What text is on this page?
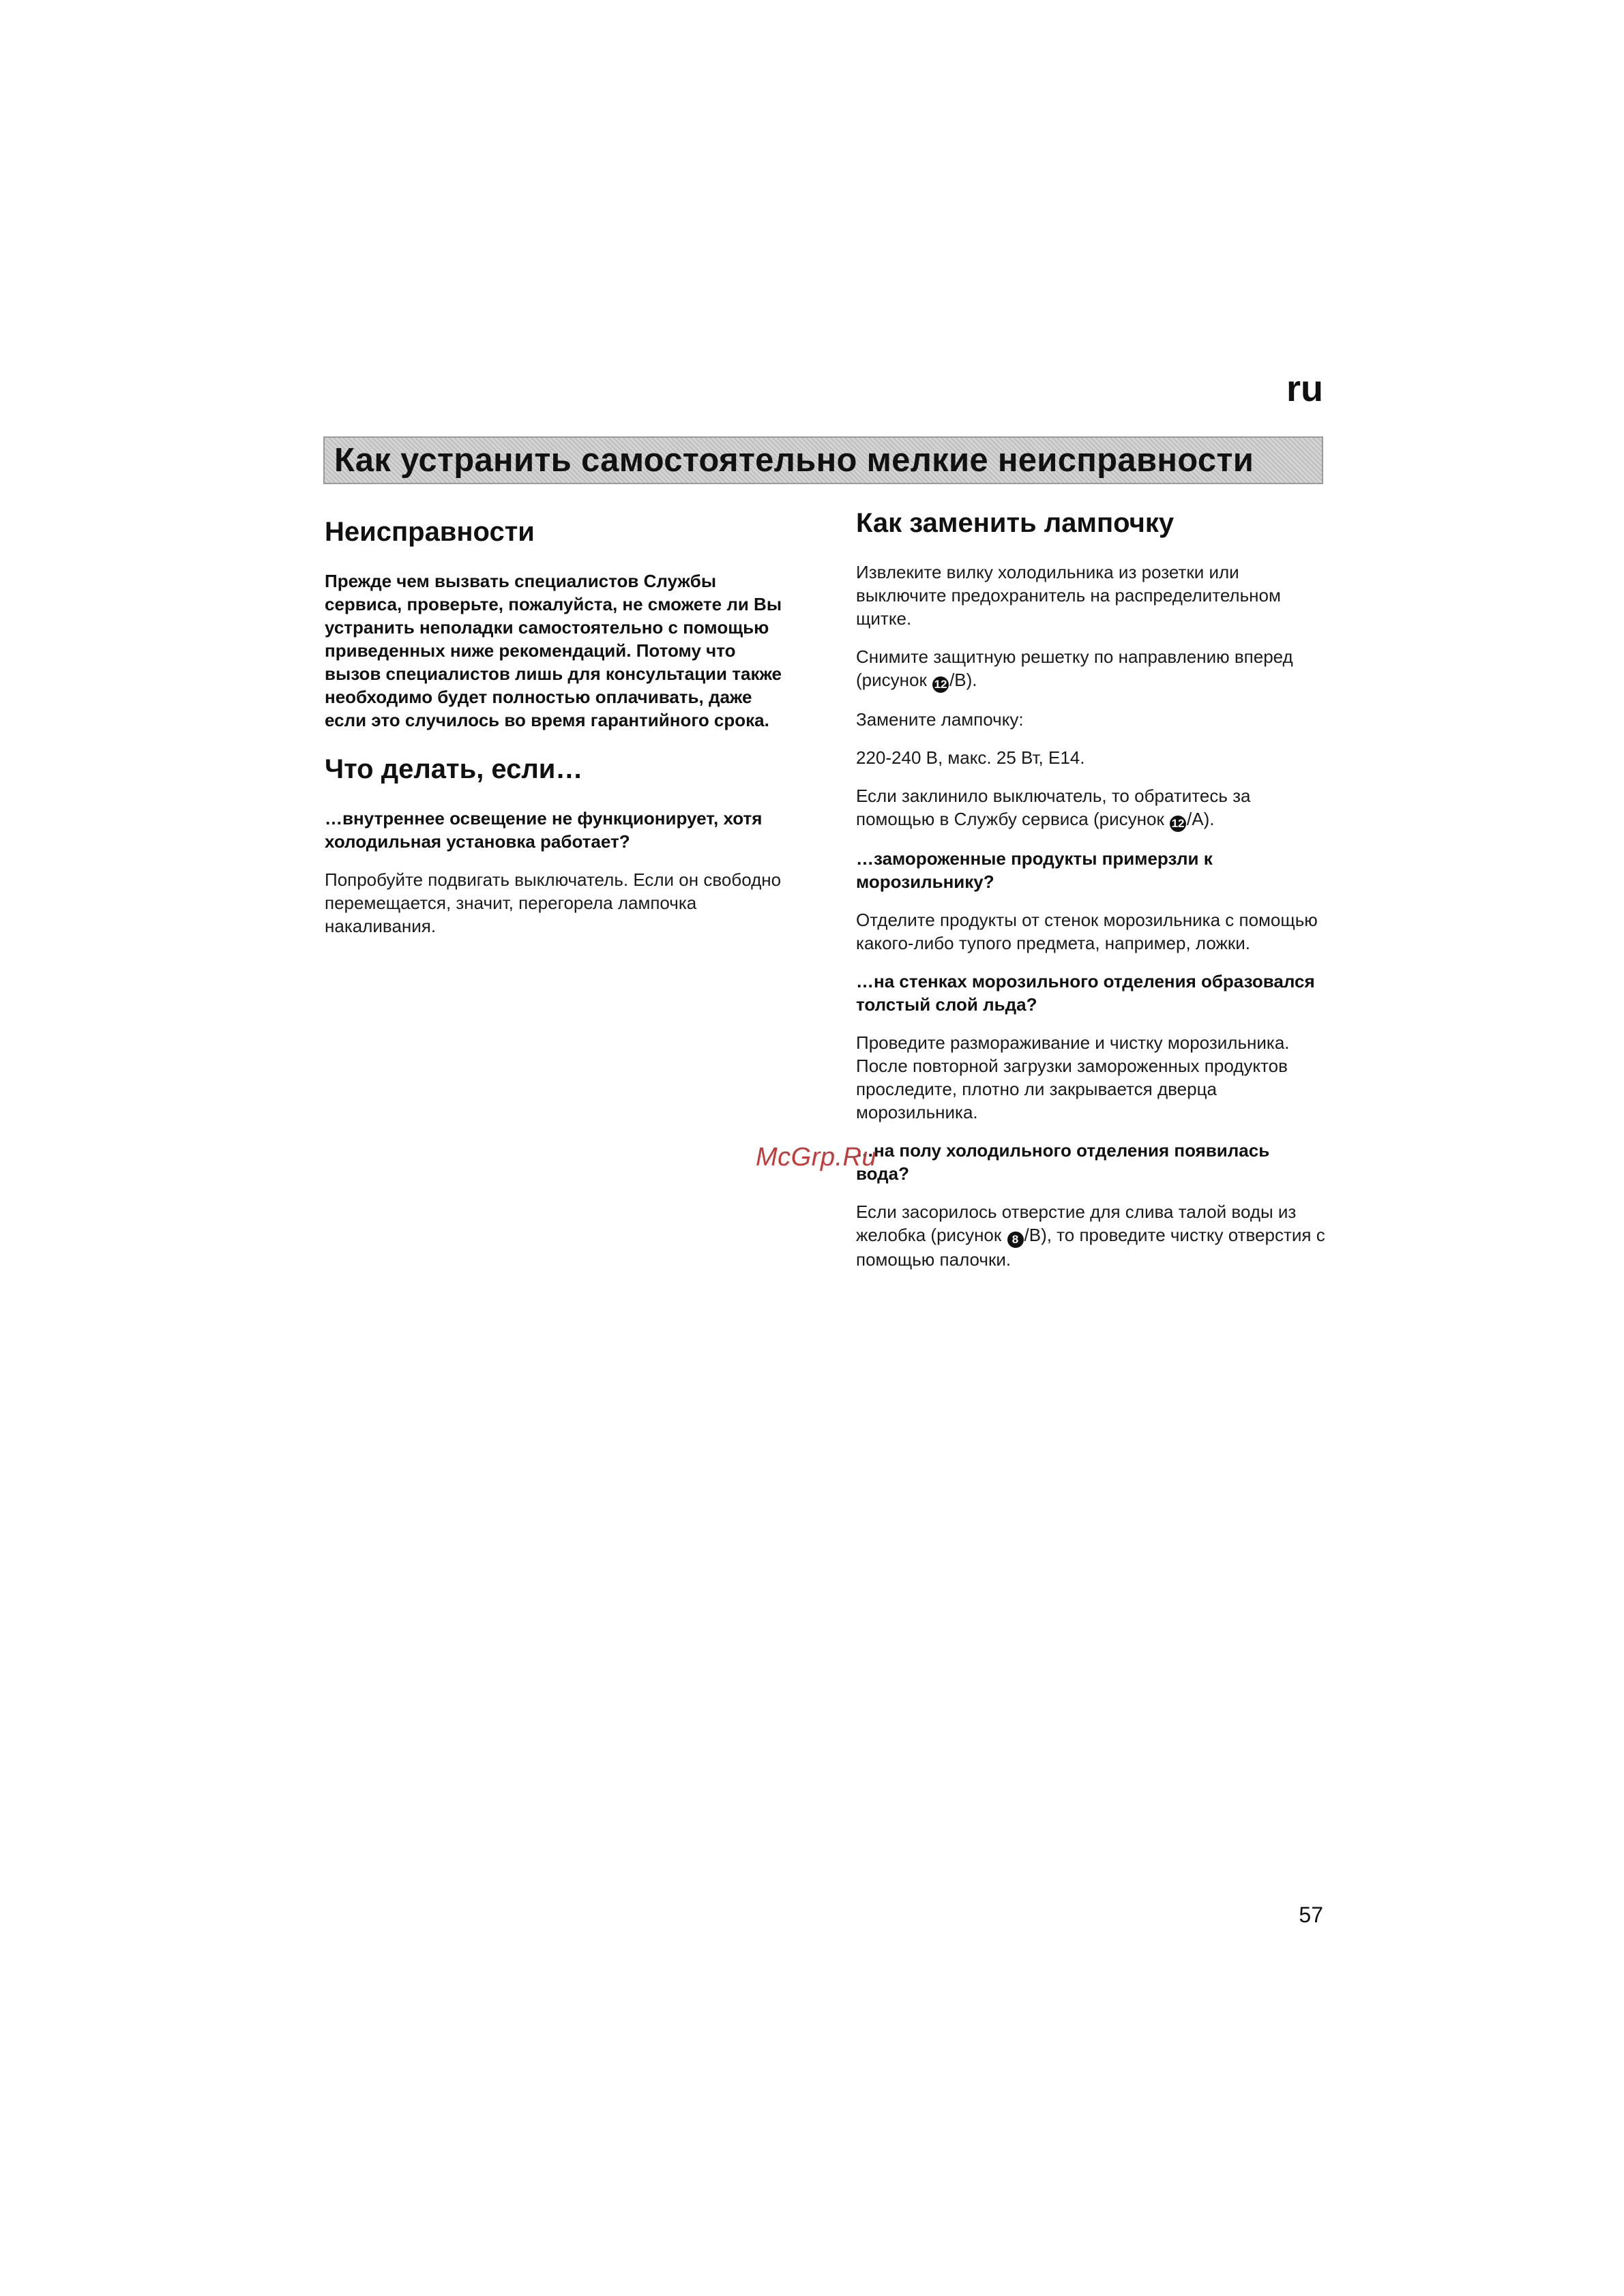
ru
Как устранить самостоятельно мелкие неисправности
Неисправности

Прежде чем вызвать специалистов Службы сервиса, проверьте, пожалуйста, не сможете ли Вы устранить неполадки самостоятельно с помощью приведенных ниже рекомендаций. Потому что вызов специалистов лишь для консультации также необходимо будет полностью оплачивать, даже если это случилось во время гарантийного срока.

Что делать, если…

…внутреннее освещение не функционирует, хотя холодильная установка работает?

Попробуйте подвигать выключатель. Если он свободно перемещается, значит, перегорела лампочка накаливания.

Как заменить лампочку

Извлеките вилку холодильника из розетки или выключите предохранитель на распределительном щитке.

Снимите защитную решетку по направлению вперед (рисунок 12 /B).

Замените лампочку:

220-240 В, макс. 25 Вт, E14.

Если заклинило выключатель, то обратитесь за помощью в Службу сервиса (рисунок 12 /A).

…замороженные продукты примерзли к морозильнику?

Отделите продукты от стенок морозильника с помощью какого-либо тупого предмета, например, ложки.

…на стенках морозильного отделения образовался толстый слой льда?

Проведите размораживание и чистку морозильника. После повторной загрузки замороженных продуктов проследите, плотно ли закрывается дверца морозильника.

…на полу холодильного отделения появилась вода?

Если засорилось отверстие для слива талой воды из желобка (рисунок 8 /B), то проведите чистку отверстия с помощью палочки.

McGrp.Ru
57
